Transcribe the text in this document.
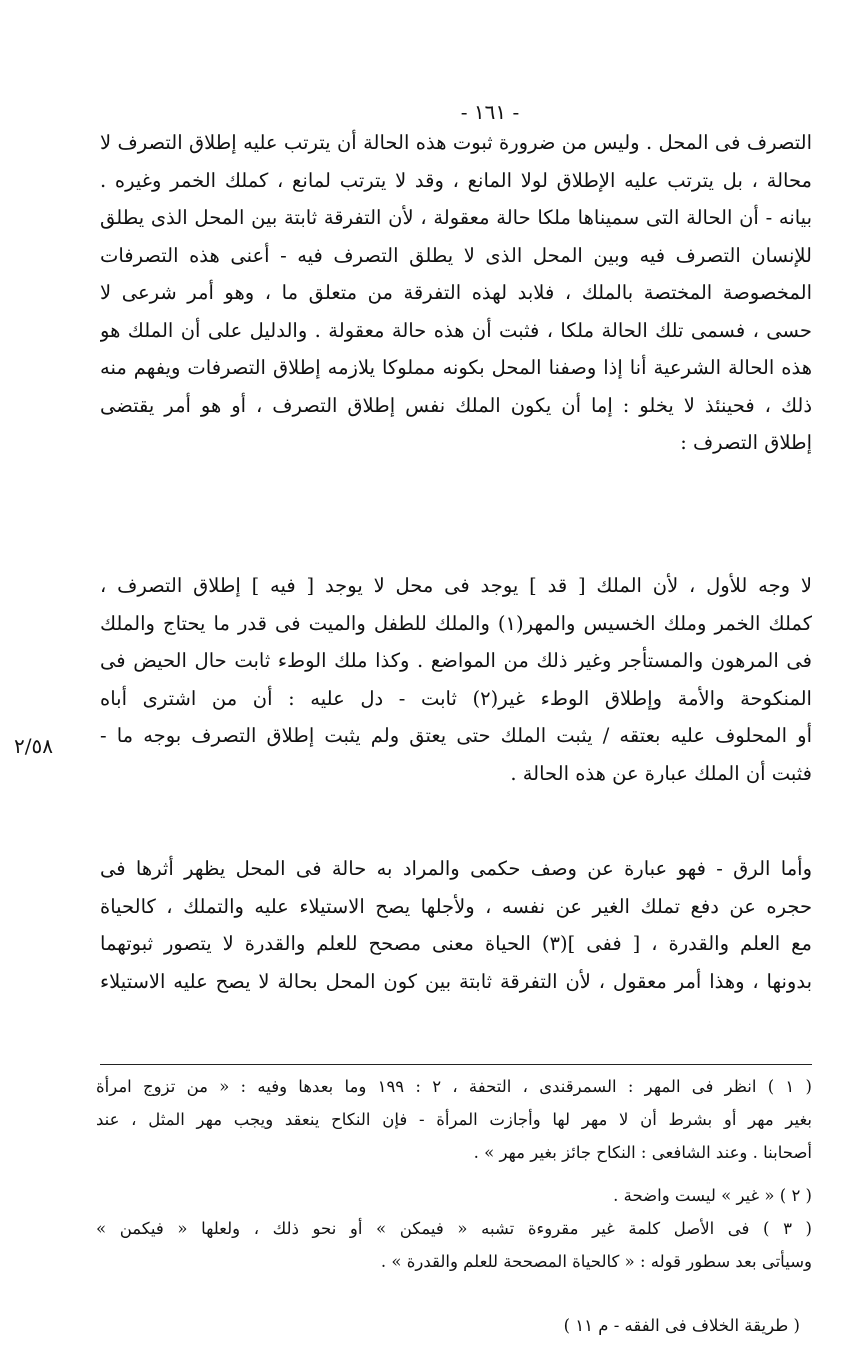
- ١٦١ -
٢/٥٨

التصرف فى المحل . وليس من ضرورة ثبوت هذه الحالة أن يترتب عليه إطلاق التصرف لا
محالة ، بل يترتب عليه الإطلاق لولا المانع ، وقد لا يترتب لمانع ، كملك الخمر وغيره .
بيانه - أن الحالة التى سميناها ملكا حالة معقولة ، لأن التفرقة ثابتة بين المحل الذى يطلق
للإنسان التصرف فيه وبين المحل الذى لا يطلق التصرف فيه - أعنى هذه التصرفات
المخصوصة المختصة بالملك ، فلابد لهذه التفرقة من متعلق ما ، وهو أمر شرعى لا
حسى ، فسمى تلك الحالة ملكا ، فثبت أن هذه حالة معقولة . والدليل على أن الملك هو
هذه الحالة الشرعية أنا إذا وصفنا المحل بكونه مملوكا يلازمه إطلاق التصرفات ويفهم منه
ذلك ، فحينئذ لا يخلو : إما أن يكون الملك نفس إطلاق التصرف ، أو هو أمر يقتضى
إطلاق التصرف :

لا وجه للأول ، لأن الملك [ قد ] يوجد فى محل لا يوجد [ فيه ] إطلاق التصرف ،
كملك الخمر وملك الخسيس والمهر(١) والملك للطفل والميت فى قدر ما يحتاج والملك
فى المرهون والمستأجر وغير ذلك من المواضع . وكذا ملك الوطء ثابت حال الحيض فى
المنكوحة والأمة وإطلاق الوطء غير(٢) ثابت - دل عليه : أن من اشترى أباه
أو المحلوف عليه بعتقه / يثبت الملك حتى يعتق ولم يثبت إطلاق التصرف بوجه ما -
فثبت أن الملك عبارة عن هذه الحالة .

وأما الرق - فهو عبارة عن وصف حكمى والمراد به حالة فى المحل يظهر أثرها فى
حجره عن دفع تملك الغير عن نفسه ، ولأجلها يصح الاستيلاء عليه والتملك ، كالحياة
مع العلم والقدرة ، [ ففى ](٣) الحياة معنى مصحح للعلم والقدرة لا يتصور ثبوتهما
بدونها ، وهذا أمر معقول ، لأن التفرقة ثابتة بين كون المحل بحالة لا يصح عليه الاستيلاء

( ١ ) انظر فى المهر : السمرقندى ، التحفة ، ٢ : ١٩٩ وما بعدها وفيه : « من تزوج امرأة
بغير مهر أو بشرط أن لا مهر لها وأجازت المرأة - فإن النكاح ينعقد ويجب مهر المثل ، عند
أصحابنا . وعند الشافعى : النكاح جائز بغير مهر » .
( ٢ ) « غير » ليست واضحة .
( ٣ ) فى الأصل كلمة غير مقروءة تشبه « فيمكن » أو نحو ذلك ، ولعلها « فيكمن »
وسيأتى بعد سطور قوله : « كالحياة المصححة للعلم والقدرة » .
( طريقة الخلاف فى الفقه - م ١١ )
